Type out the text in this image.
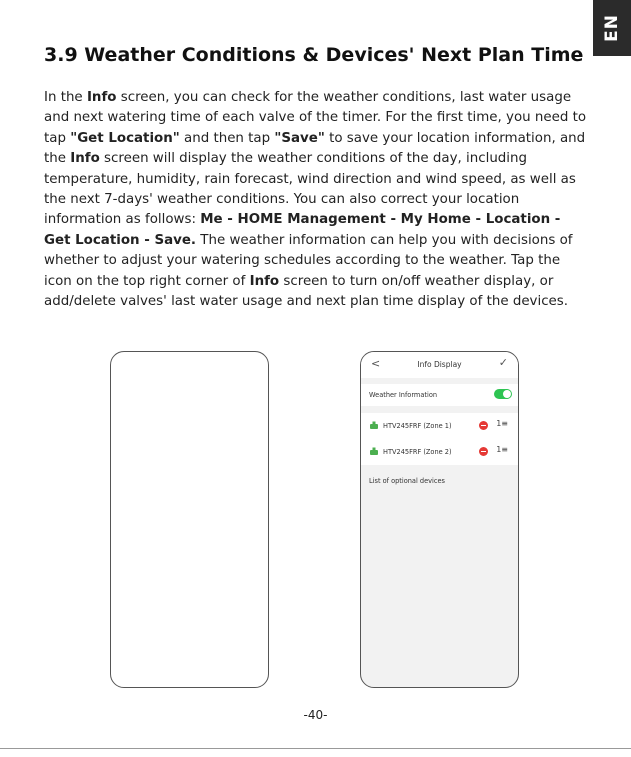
EN
3.9 Weather Conditions & Devices' Next Plan Time
In the Info screen, you can check for the weather conditions, last water usage and next watering time of each valve of the timer. For the first time, you need to tap "Get Location" and then tap "Save" to save your location information, and the Info screen will display the weather conditions of the day, including temperature, humidity, rain forecast, wind direction and wind speed, as well as the next 7-days' weather conditions. You can also correct your location information as follows: Me - HOME Management - My Home - Location - Get Location - Save. The weather information can help you with decisions of whether to adjust your watering schedules according to the weather. Tap the icon on the top right corner of Info screen to turn on/off weather display, or add/delete valves' last water usage and next plan time display of the devices.
<	Info Display	✓
Weather Information
HTV245FRF (Zone 1)	1≡
HTV245FRF (Zone 2)	1≡
List of optional devices
-40-
